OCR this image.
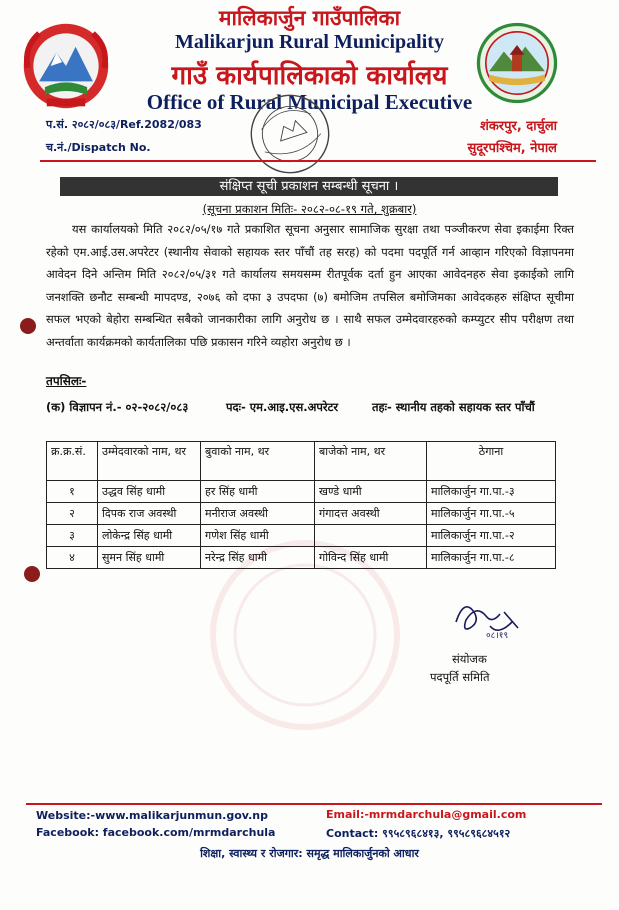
मालिकार्जुन गाउँपालिका
Malikarjun Rural Municipality
गाउँ कार्यपालिकाको कार्यालय
Office of Rural Municipal Executive
प.सं. २०८२/०८३/Ref.2082/083
च.नं./Dispatch No.
शंकरपुर, दार्चुला
सुदूरपश्चिम, नेपाल
संक्षिप्त सूची प्रकाशन सम्बन्धी सूचना ।
(सूचना प्रकाशन मितिः- २०८२-०८-१९ गते, शुक्रबार)
यस कार्यालयको मिति २०८२/०५/१७ गते प्रकाशित सूचना अनुसार सामाजिक सुरक्षा तथा पञ्जीकरण सेवा इकाईमा रिक्त रहेको एम.आई.उस.अपरेटर (स्थानीय सेवाको सहायक स्तर पाँचौं तह सरह) को पदमा पदपूर्ति गर्न आव्हान गरिएको विज्ञापनमा आवेदन दिने अन्तिम मिति २०८२/०५/३१ गते कार्यालय समयसम्म रीतपूर्वक दर्ता हुन आएका आवेदनहरु सेवा इकाईको लागि जनशक्ति छनौट सम्बन्धी मापदण्ड, २०७६ को दफा ३ उपदफा (७) बमोजिम तपसिल बमोजिमका आवेदकहरु संक्षिप्त सूचीमा सफल भएको बेहोरा सम्बन्धित सबैको जानकारीका लागि अनुरोध छ । साथै सफल उम्मेदवारहरुको कम्प्युटर सीप परीक्षण तथा अन्तर्वाता कार्यक्रमको कार्यतालिका पछि प्रकासन गरिने व्यहोरा अनुरोध छ ।
तपसिलः-
(क) विज्ञापन नं.- ०२-२०८२/०८३	पदः- एम.आइ.एस.अपरेटर	तहः- स्थानीय तहको सहायक स्तर पाँचौं
क्र.क्र.सं.	उम्मेदवारको नाम, थर	बुवाको नाम, थर	बाजेको नाम, थर	ठेगाना
१	उद्धव सिंह धामी	हर सिंह धामी	खण्डे धामी	मालिकार्जुन गा.पा.-३
२	दिपक राज अवस्थी	मनीराज अवस्थी	गंगादत्त अवस्थी	मालिकार्जुन गा.पा.-५
३	लोकेन्द्र सिंह धामी	गणेश सिंह धामी		मालिकार्जुन गा.पा.-२
४	सुमन सिंह धामी	नरेन्द्र सिंह धामी	गोविन्द सिंह धामी	मालिकार्जुन गा.पा.-८
०८।१९
संयोजक
पदपूर्ति समिति
Website:-www.malikarjunmun.gov.np
Facebook: facebook.com/mrmdarchula
Email:-mrmdarchula@gmail.com
Contact: ९९५८९६८४१३, ९९५८९६८४५१२
शिक्षा, स्वास्थ्य र रोजगार: समृद्ध मालिकार्जुनको आधार
